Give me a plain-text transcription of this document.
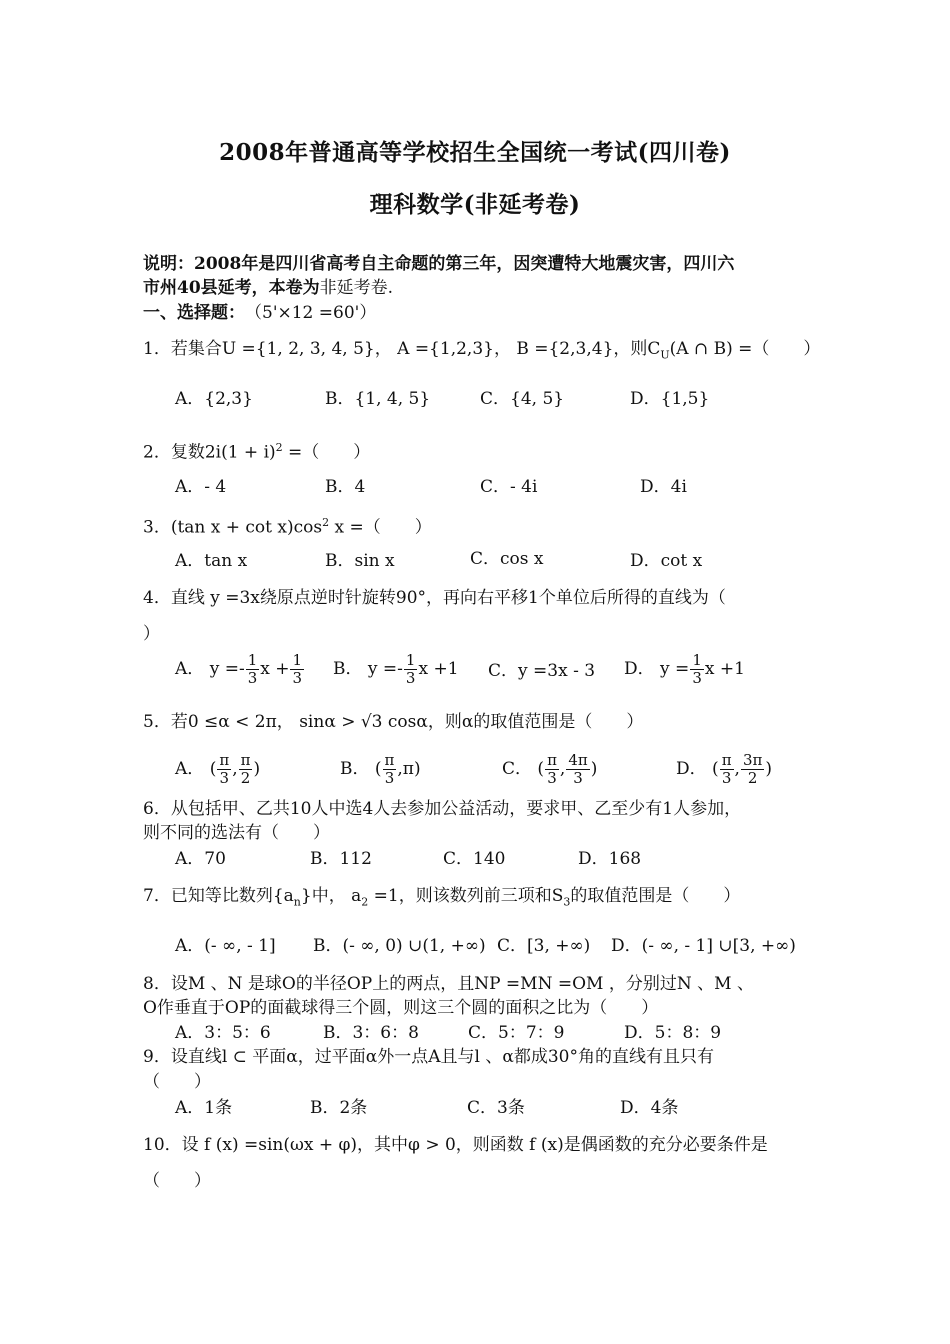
2008年普通高等学校招生全国统一考试(四川卷)
理科数学(非延考卷)
说明：2008年是四川省高考自主命题的第三年，因突遭特大地震灾害，四川六
市州40县延考，本卷为非延考卷.
一、选择题：　 （5'×12 =60'）
1．若集合U ={1, 2, 3, 4, 5}， A ={1,2,3}， B ={2,3,4}，则$C_U(A$ ∩ B) =（　　）
A．{2,3}	B．{1, 4, 5}	C．{4, 5}	D．{1,5}
2．复数$2i(1 + i)^2$ =（　　）
A．- 4	B．4	C．- 4i	D．4i
3．(tan $x + \cot x)\cos^2$ x =（　　）
A．tan x	B．sin x	C．cos x	D．cot x
4．直线 y =3x绕原点逆时针旋转90°，再向右平移1个单位后所得的直线为（
）
A． $y =- \frac{1}{3}$ $x + \frac{1}{3}$ B． $y =- \frac{1}{3}$ x +1 C．y =3x - 3 D． $y = \frac{1}{3}$ x +1
5．若0 ≤α < 2π， sinα > √3 cosα，则α的取值范围是（　　）
A． ( $\frac{\pi}{3}$ , $\frac{\pi}{2}$ )	B． ( $\frac{\pi}{3} ,\pi$)	C． ( $\frac{\pi}{3}$ , $\frac{4\pi}{3}$ )	D． ( $\frac{\pi}{3}$ , $\frac{3\pi}{2}$ )
6．从包括甲、乙共10人中选4人去参加公益活动，要求甲、乙至少有1人参加，
则不同的选法有（　　）
A．70	B．112	C．140	D．168
7．已知等比数列$\{a_n\}$中， $a_2 =1$，则该数列前三项和$S_3$的取值范围是（　　）
A．(- ∞, - 1] B．(- ∞, 0) ∪(1, +∞) C．[3, +∞) D．(- ∞, - 1] ∪[3, +∞)
8．设M 、N 是球O的半径OP上的两点，且NP =MN =OM ，分别过N 、M 、
O作垂直于OP的面截球得三个圆，则这三个圆的面积之比为（　　）
A．3：5：6	B．3：6：8	C．5：7：9	D．5：8：9
9．设直线l ⊂ 平面α，过平面α外一点A且与l 、α都成30°角的直线有且只有
（　　）
A．1条	B．2条	C．3条	D．4条
10．设 f (x) =sin(ωx + φ)，其中φ > 0，则函数 f (x)是偶函数的充分必要条件是
（　　）
